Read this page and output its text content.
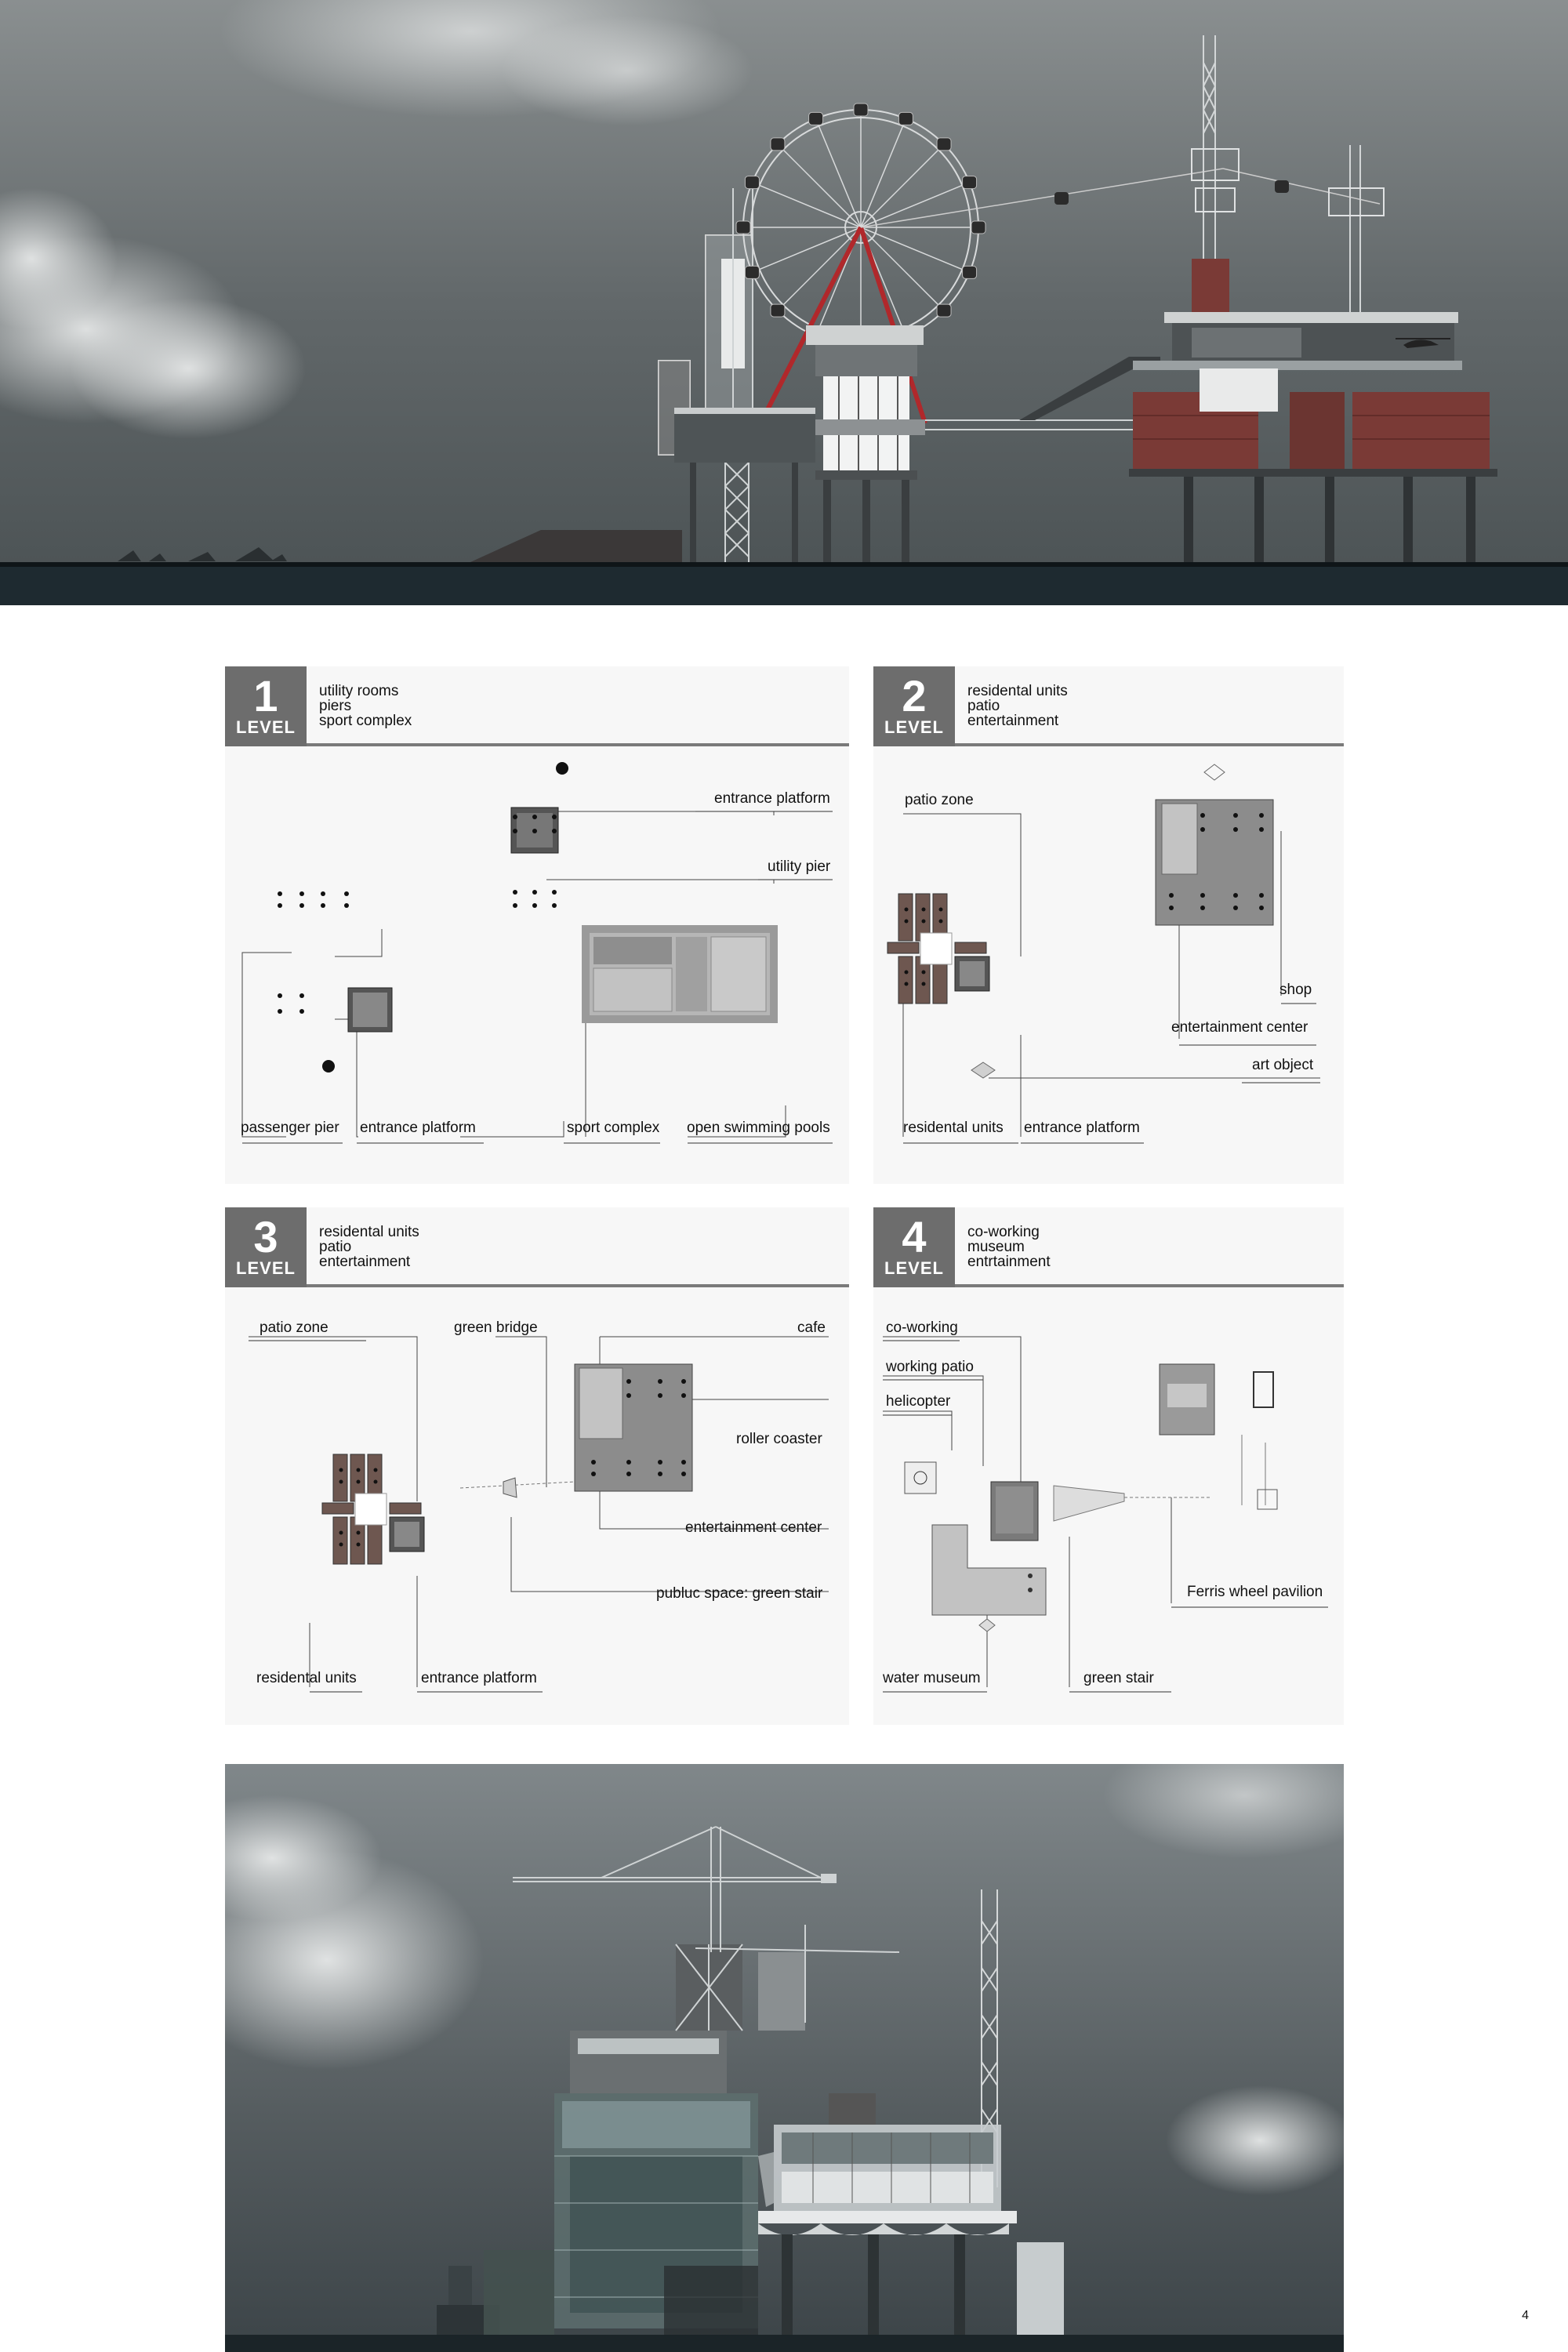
1
LEVEL
utility rooms
piers
sport complex
passenger pier entrance platform	sport complex open swimming pools
entrance platform
utility pier
2
LEVEL
residental units
patio
entertainment
patio zone
shop
entertainment center
art object
residental units entrance platform
3
LEVEL
residental units
patio
entertainment
patio zone	green bridge	cafe
roller coaster
entertainment center
publuc space: green stair
residental units	entrance platform
4
LEVEL
co-working
museum
entrtainment
co-working
working patio
helicopter
Ferris wheel pavilion
water museum	green stair
4
